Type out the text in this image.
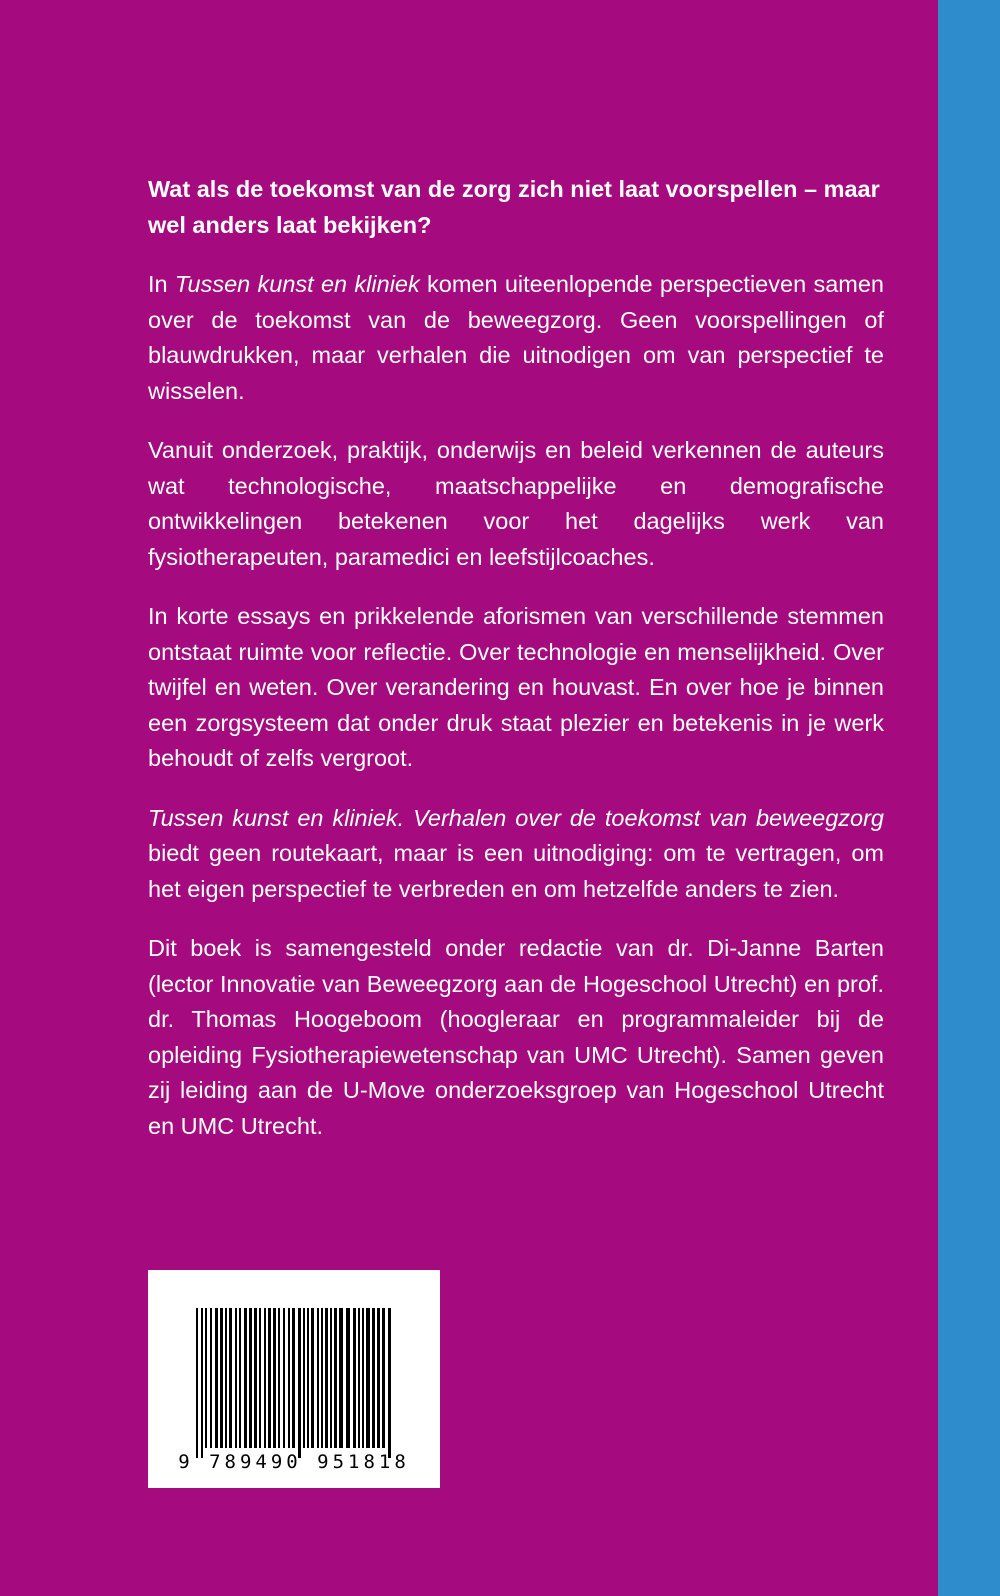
Wat als de toekomst van de zorg zich niet laat voorspellen – maar wel anders laat bekijken?

In Tussen kunst en kliniek komen uiteenlopende perspectieven samen over de toekomst van de beweegzorg. Geen voorspellingen of blauwdrukken, maar verhalen die uitnodigen om van perspectief te wisselen.

Vanuit onderzoek, praktijk, onderwijs en beleid verkennen de auteurs wat technologische, maatschappelijke en demografische ontwikkelingen betekenen voor het dagelijks werk van fysiotherapeuten, paramedici en leefstijlcoaches.

In korte essays en prikkelende aforismen van verschillende stemmen ontstaat ruimte voor reflectie. Over technologie en menselijkheid. Over twijfel en weten. Over verandering en houvast. En over hoe je binnen een zorgsysteem dat onder druk staat plezier en betekenis in je werk behoudt of zelfs vergroot.

Tussen kunst en kliniek. Verhalen over de toekomst van beweegzorg biedt geen routekaart, maar is een uitnodiging: om te vertragen, om het eigen perspectief te verbreden en om hetzelfde anders te zien.

Dit boek is samengesteld onder redactie van dr. Di-Janne Barten (lector Innovatie van Beweegzorg aan de Hogeschool Utrecht) en prof. dr. Thomas Hoogeboom (hoogleraar en programmaleider bij de opleiding Fysiotherapiewetenschap van UMC Utrecht). Samen geven zij leiding aan de U-Move onderzoeksgroep van Hogeschool Utrecht en UMC Utrecht.

9 789490 951818
